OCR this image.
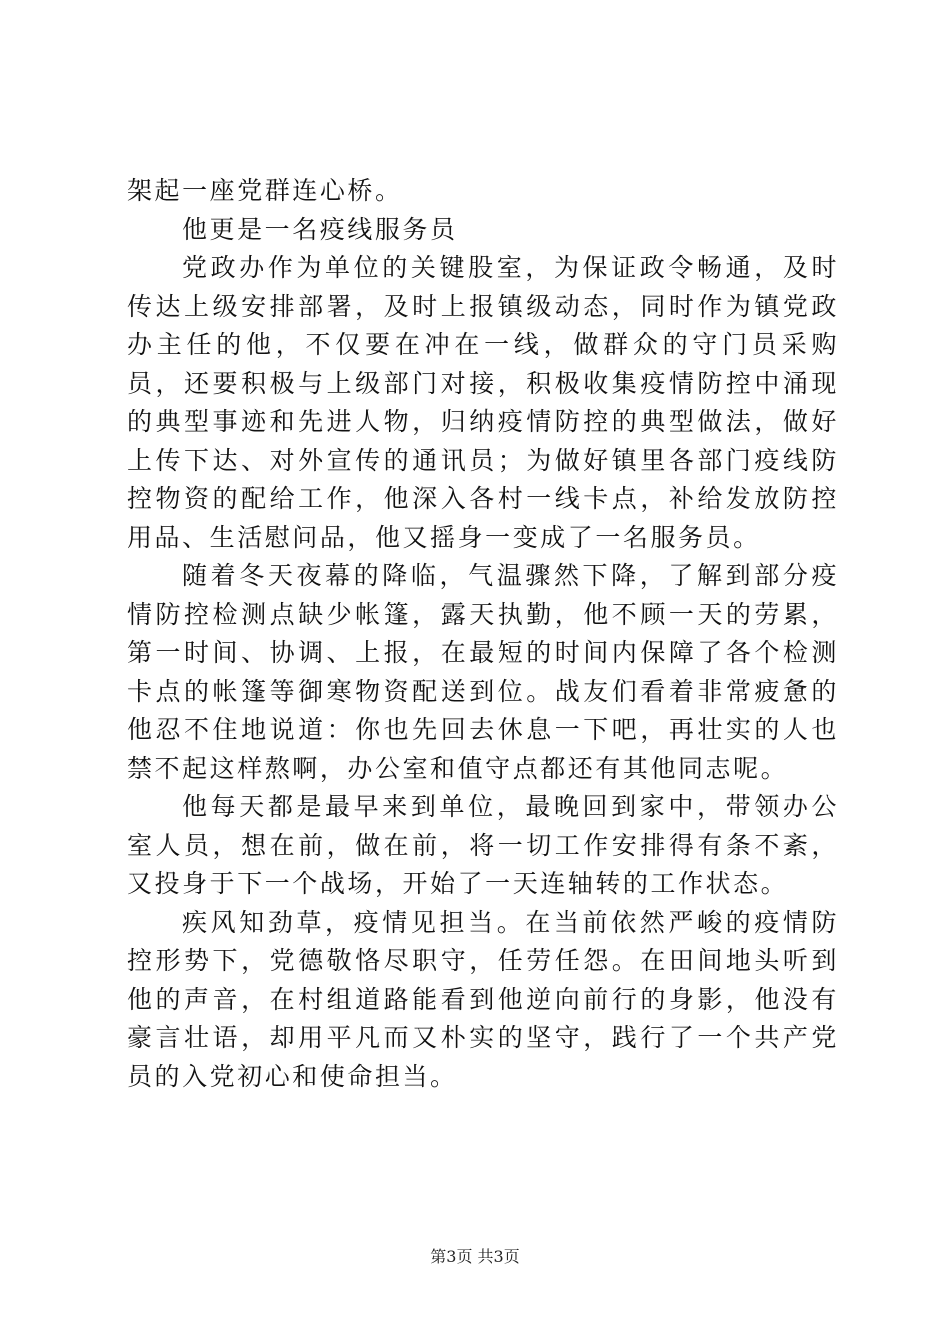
架起一座党群连心桥。

他更是一名疫线服务员

党政办作为单位的关键股室，为保证政令畅通，及时传达上级安排部署，及时上报镇级动态，同时作为镇党政办主任的他，不仅要在冲在一线，做群众的守门员采购员，还要积极与上级部门对接，积极收集疫情防控中涌现的典型事迹和先进人物，归纳疫情防控的典型做法，做好上传下达、对外宣传的通讯员；为做好镇里各部门疫线防控物资的配给工作，他深入各村一线卡点，补给发放防控用品、生活慰问品，他又摇身一变成了一名服务员。

随着冬天夜幕的降临，气温骤然下降，了解到部分疫情防控检测点缺少帐篷，露天执勤，他不顾一天的劳累，第一时间、协调、上报，在最短的时间内保障了各个检测卡点的帐篷等御寒物资配送到位。战友们看着非常疲惫的他忍不住地说道：你也先回去休息一下吧，再壮实的人也禁不起这样熬啊，办公室和值守点都还有其他同志呢。

他每天都是最早来到单位，最晚回到家中，带领办公室人员，想在前，做在前，将一切工作安排得有条不紊，又投身于下一个战场，开始了一天连轴转的工作状态。

疾风知劲草，疫情见担当。在当前依然严峻的疫情防控形势下，党德敬恪尽职守，任劳任怨。在田间地头听到他的声音，在村组道路能看到他逆向前行的身影，他没有豪言壮语，却用平凡而又朴实的坚守，践行了一个共产党员的入党初心和使命担当。

第3页 共3页
